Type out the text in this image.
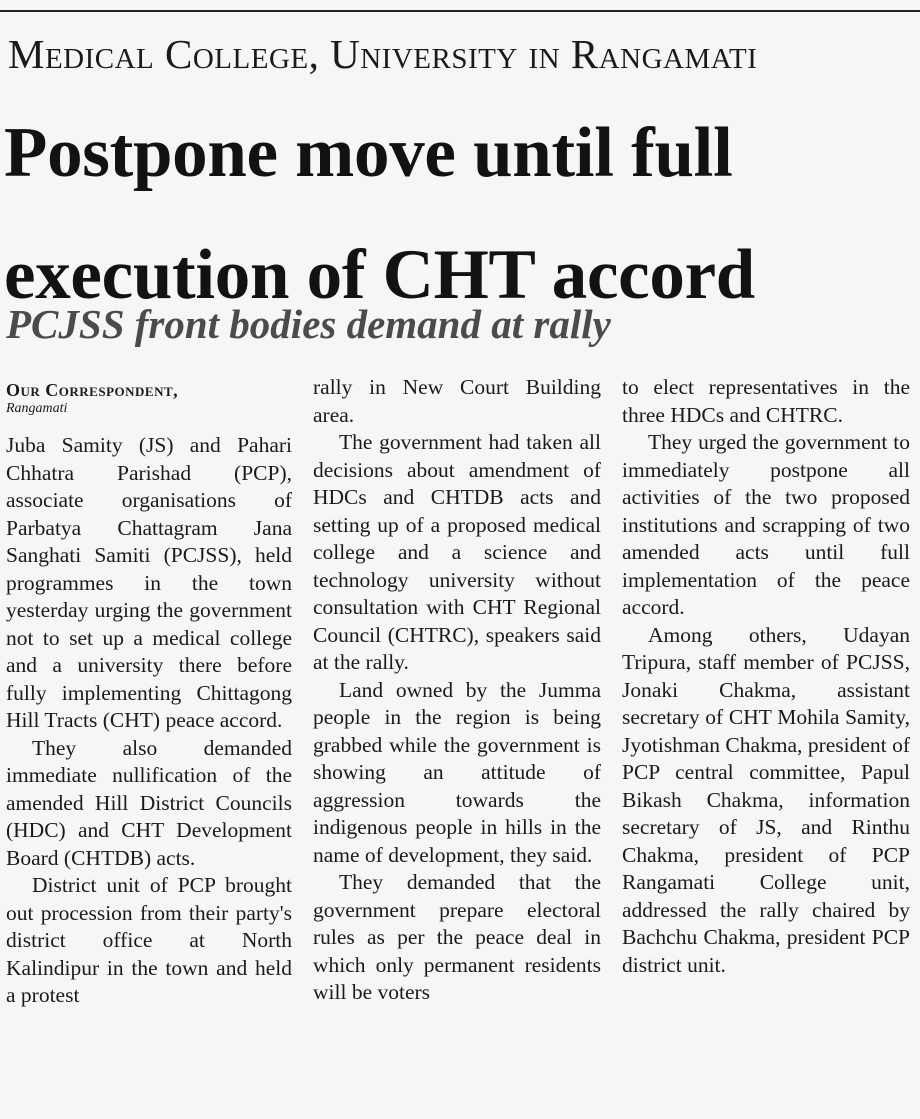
Medical College, University in Rangamati
Postpone move until full
execution of CHT accord
PCJSS front bodies demand at rally
Our Correspondent,
Rangamati

Juba Samity (JS) and Pahari Chhatra Parishad (PCP), associate organisations of Parbatya Chattagram Jana Sanghati Samiti (PCJSS), held programmes in the town yesterday urging the government not to set up a medical college and a university there before fully implementing Chittagong Hill Tracts (CHT) peace accord.

They also demanded immediate nullification of the amended Hill District Councils (HDC) and CHT Development Board (CHTDB) acts.

District unit of PCP brought out procession from their party's district office at North Kalindipur in the town and held a protest

rally in New Court Building area.

The government had taken all decisions about amendment of HDCs and CHTDB acts and setting up of a proposed medical college and a science and technology university without consultation with CHT Regional Council (CHTRC), speakers said at the rally.

Land owned by the Jumma people in the region is being grabbed while the government is showing an attitude of aggression towards the indigenous people in hills in the name of development, they said.

They demanded that the government prepare electoral rules as per the peace deal in which only permanent residents will be voters

to elect representatives in the three HDCs and CHTRC.

They urged the government to immediately postpone all activities of the two proposed institutions and scrapping of two amended acts until full implementation of the peace accord.

Among others, Udayan Tripura, staff member of PCJSS, Jonaki Chakma, assistant secretary of CHT Mohila Samity, Jyotishman Chakma, president of PCP central committee, Papul Bikash Chakma, information secretary of JS, and Rinthu Chakma, president of PCP Rangamati College unit, addressed the rally chaired by Bachchu Chakma, president PCP district unit.
